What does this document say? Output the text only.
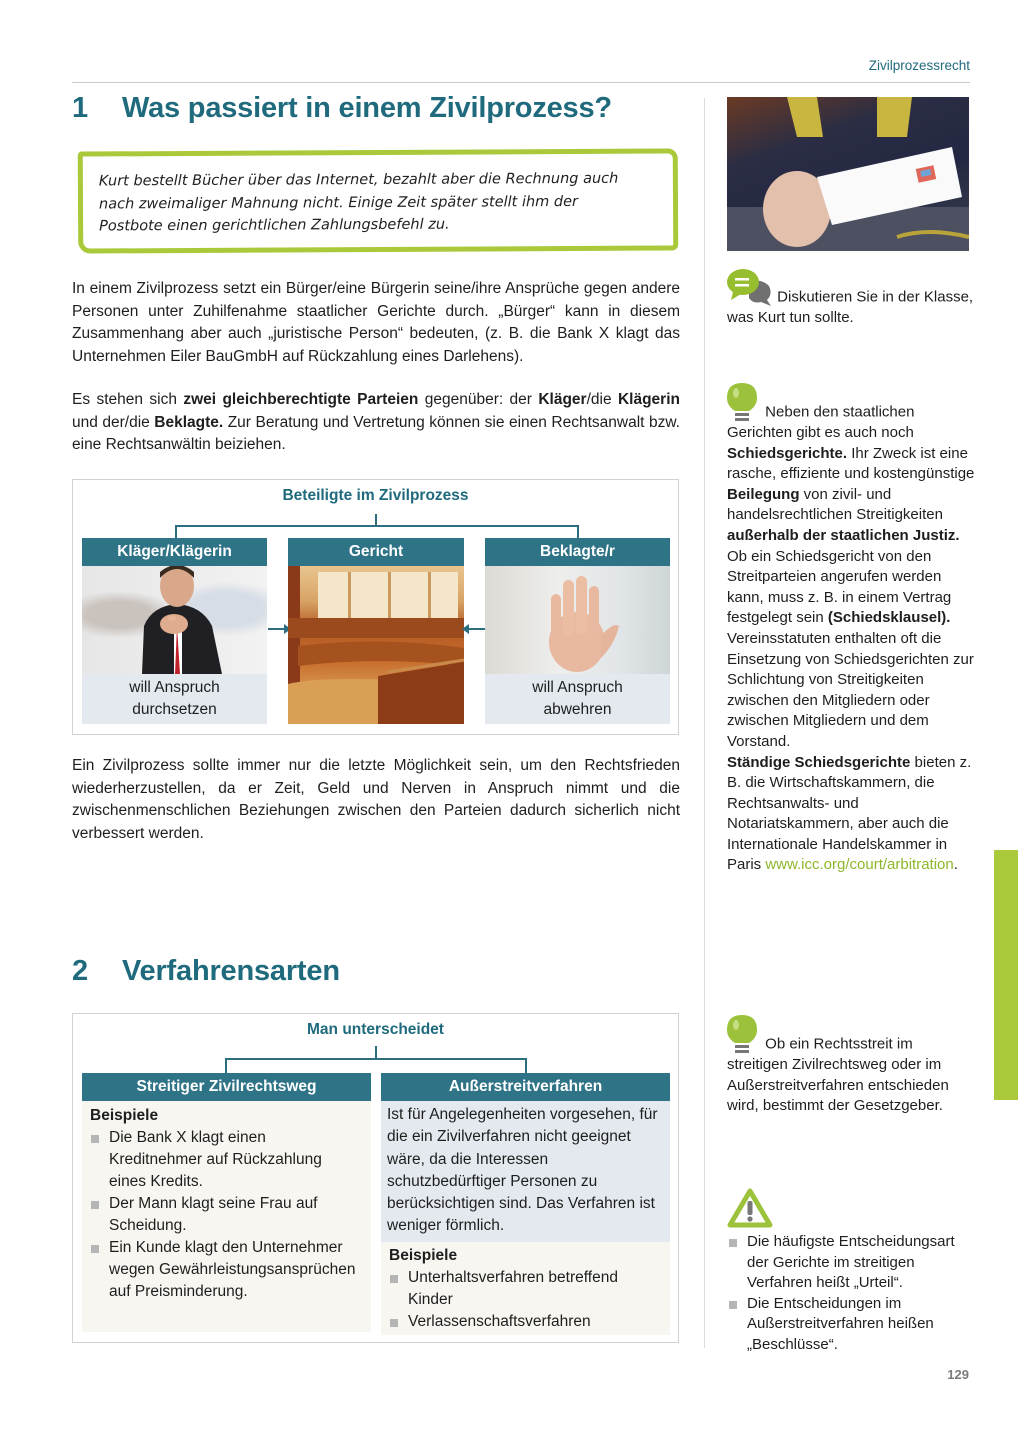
Zivilprozessrecht
1	Was passiert in einem Zivilprozess?

Kurt bestellt Bücher über das Internet, bezahlt aber die Rechnung auch nach zweimaliger Mahnung nicht. Einige Zeit später stellt ihm der Postbote einen gerichtlichen Zahlungsbefehl zu.

In einem Zivilprozess setzt ein Bürger/eine Bürgerin seine/ihre Ansprüche gegen andere Personen unter Zuhilfenahme staatlicher Gerichte durch. „Bürger“ kann in diesem Zusammenhang aber auch „juristische Person“ bedeuten, (z. B. die Bank X klagt das Unternehmen Eiler BauGmbH auf Rückzahlung eines Darlehens).

Es stehen sich zwei gleichberechtigte Parteien gegenüber: der Kläger/die Klägerin und der/die Beklagte. Zur Beratung und Vertretung können sie einen Rechtsanwalt bzw. eine Rechtsanwältin beiziehen.

Beteiligte im Zivilprozess
Kläger/Klägerin
will Anspruch
durchsetzen
Gericht	Beklagte/r
will Anspruch
abwehren

Ein Zivilprozess sollte immer nur die letzte Möglichkeit sein, um den Rechtsfrieden wiederherzustellen, da er Zeit, Geld und Nerven in Anspruch nimmt und die zwischenmenschlichen Beziehungen zwischen den Parteien dadurch sicherlich nicht verbessert werden.

2	Verfahrensarten
Man unterscheidet
Streitiger Zivilrechtsweg
Beispiele
Die Bank X klagt einen Kreditnehmer auf Rückzahlung eines Kredits.
Der Mann klagt seine Frau auf Scheidung.
Ein Kunde klagt den Unternehmer wegen Gewährleistungsansprüchen auf Preisminderung.
Außerstreitverfahren
Ist für Angelegenheiten vorgesehen, für die ein Zivilverfahren nicht geeignet wäre, da die Interessen schutzbedürftiger Personen zu berücksichtigen sind. Das Verfahren ist weniger förmlich.
Beispiele
Unterhaltsverfahren betreffend Kinder
Verlassenschaftsverfahren
Diskutieren Sie in der Klasse, was Kurt tun sollte.
Neben den staatlichen Gerichten gibt es auch noch Schiedsgerichte. Ihr Zweck ist eine rasche, effiziente und kostengünstige Beilegung von zivil- und handelsrechtlichen Streitigkeiten außerhalb der staatlichen Justiz. Ob ein Schiedsgericht von den Streitparteien angerufen werden kann, muss z. B. in einem Vertrag festgelegt sein (Schiedsklausel). Vereinsstatuten enthalten oft die Einsetzung von Schiedsgerichten zur Schlichtung von Streitigkeiten zwischen den Mitgliedern oder zwischen Mitgliedern und dem Vorstand.
Ständige Schiedsgerichte bieten z. B. die Wirtschaftskammern, die Rechtsanwalts- und Notariatskammern, aber auch die Internationale Handelskammer in Paris www.icc.org/court/arbitration.
Ob ein Rechtsstreit im streitigen Zivilrechtsweg oder im Außerstreitverfahren entschieden wird, bestimmt der Gesetzgeber.
Die häufigste Entscheidungsart der Gerichte im streitigen Verfahren heißt „Urteil“.
Die Entscheidungen im Außerstreitverfahren heißen „Beschlüsse“.
129
